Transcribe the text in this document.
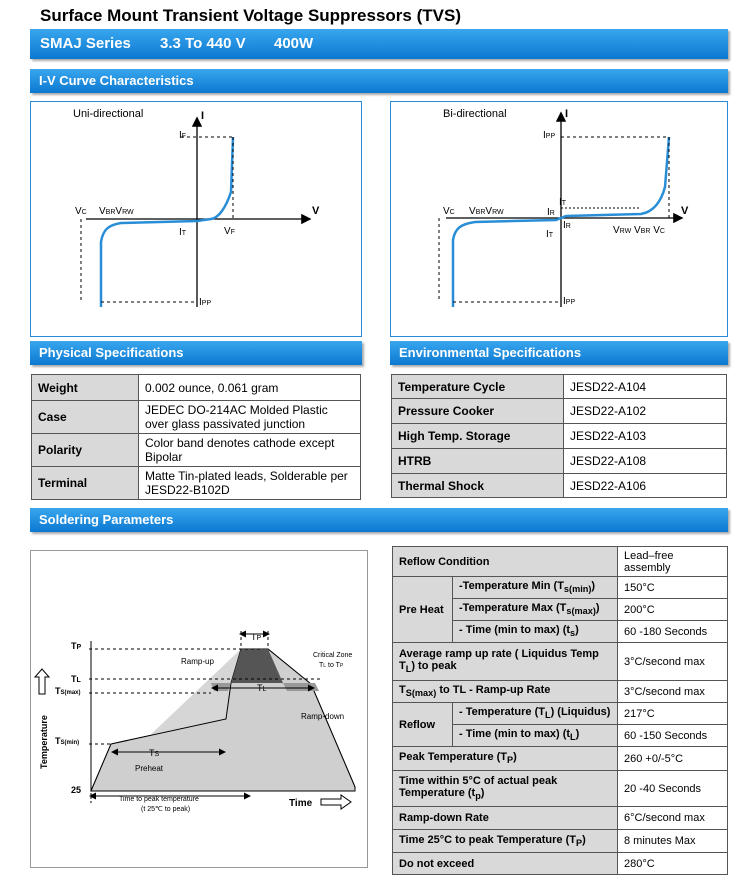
Surface Mount Transient Voltage Suppressors (TVS)
SMAJ Series 3.3 To 440 V 400W
I-V Curve Characteristics
Uni-directional	I
V
IF
VC VBRVRW
IT	VF
IPP
Bi-directional	I
V
IPP
IT
IR
IR
IT
IPP
VC VBRVRW
VRW VBR VC
Physical Specifications	Environmental Specifications
Weight	0.002 ounce, 0.061 gram
Case	JEDEC DO-214AC Molded Plastic over glass passivated junction
Polarity	Color band denotes cathode except Bipolar
Terminal	Matte Tin-plated leads, Solderable per JESD22-B102D
Temperature Cycle	JESD22-A104
Pressure Cooker	JESD22-A102
High Temp. Storage	JESD22-A103
HTRB	JESD22-A108
Thermal Shock	JESD22-A106
Soldering Parameters
TP
TL
TS(max)
TS(min)
25
Temperature
Time
TP
TL
TS
Ramp-up
Ramp-down
Preheat
Critical Zone
TL to TP
Time to peak temperature
(t 25℃ to peak)
Reflow Condition		Lead–free assembly
Pre Heat	-Temperature Min $(T_{s(min)})$	150°C
	-Temperature Max $(T_{s(max)})$	200°C
	- Time (min to max) $(t_s)$	60 -180 Seconds
Average ramp up rate ( Liquidus Temp $T_L$) to peak		3°C/second max
$T_{S(max)}$ to TL - Ramp-up Rate		3°C/second max
Reflow	- Temperature $(T_L)$ (Liquidus)	217°C
	- Time (min to max) $(t_L)$	60 -150 Seconds
Peak Temperature $(T_P)$		260 +0/-5°C
Time within 5°C of actual peak Temperature $(t_p)$		20 -40 Seconds
Ramp-down Rate		6°C/second max
Time 25°C to peak Temperature $(T_P)$		8 minutes Max
Do not exceed		280°C
